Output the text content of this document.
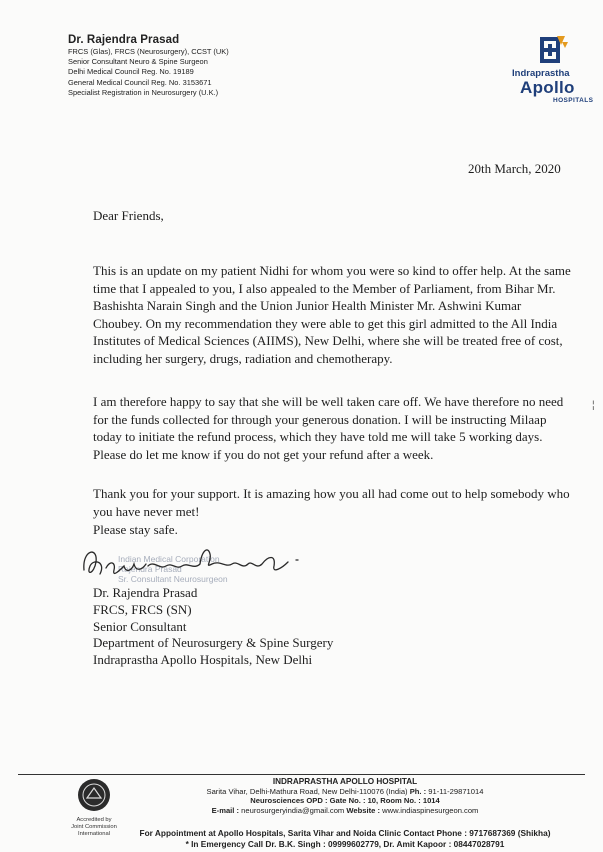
Dr. Rajendra Prasad
FRCS (Glas), FRCS (Neurosurgery), CCST (UK)
Senior Consultant Neuro & Spine Surgeon
Delhi Medical Council Reg. No. 19189
General Medical Council Reg. No. 3153671
Specialist Registration in Neurosurgery (U.K.)
Indraprastha
Apollo
HOSPITALS
20th March, 2020
Dear Friends,
This is an update on my patient Nidhi for whom you were so kind to offer help. At the same time that I appealed to you, I also appealed to the Member of Parliament, from Bihar Mr. Bashishta Narain Singh and the Union Junior Health Minister Mr. Ashwini Kumar Choubey. On my recommendation they were able to get this girl admitted to the All India Institutes of Medical Sciences (AIIMS), New Delhi, where she will be treated free of cost, including her surgery, drugs, radiation and chemotherapy.
I am therefore happy to say that she will be well taken care off. We have therefore no need for the funds collected for through your generous donation. I will be instructing Milaap today to initiate the refund process, which they have told me will take 5 working days. Please do let me know if you do not get your refund after a week.
Thank you for your support. It is amazing how you all had come out to help somebody who you have never met!
Please stay safe.
¦
Indian Medical Corporation
Rajendra Prasad
Sr. Consultant Neurosurgeon
Dr. Rajendra Prasad
FRCS, FRCS (SN)
Senior Consultant
Department of Neurosurgery & Spine Surgery
Indraprastha Apollo Hospitals, New Delhi
Accredited by
Joint Commission International
INDRAPRASTHA APOLLO HOSPITAL
Sarita Vihar, Delhi-Mathura Road, New Delhi-110076 (India) Ph. : 91-11-29871014
Neurosciences OPD : Gate No. : 10, Room No. : 1014
E-mail : neurosurgeryindia@gmail.com Website : www.indiaspinesurgeon.com
For Appointment at Apollo Hospitals, Sarita Vihar and Noida Clinic Contact Phone : 9717687369 (Shikha)
* In Emergency Call Dr. B.K. Singh : 09999602779, Dr. Amit Kapoor : 08447028791
